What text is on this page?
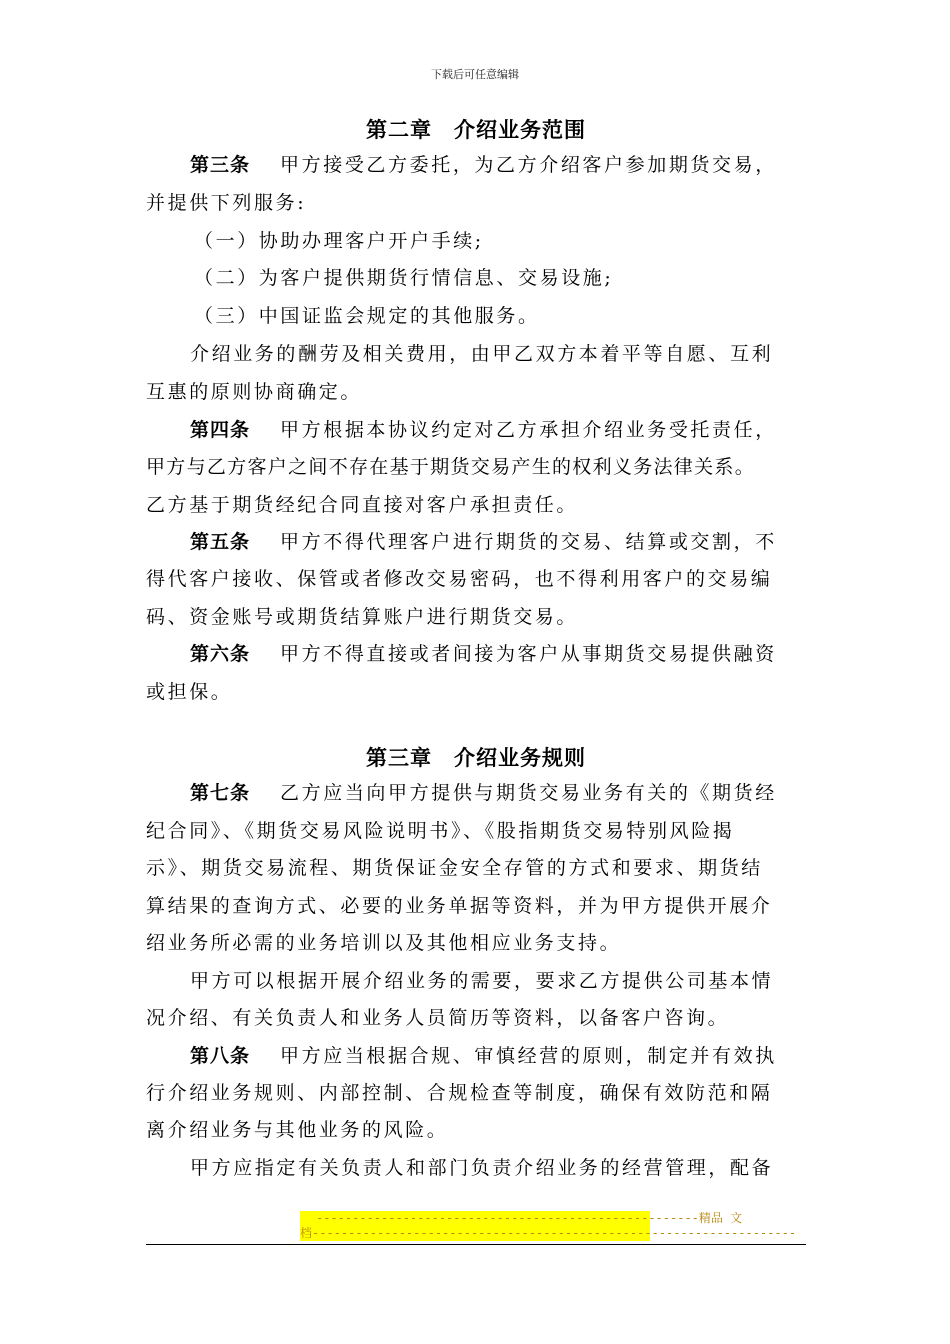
下载后可任意编辑
第二章　介绍业务范围
第三条 甲方接受乙方委托，为乙方介绍客户参加期货交易，
并提供下列服务:
（一）协助办理客户开户手续;
（二）为客户提供期货行情信息、交易设施;
（三）中国证监会规定的其他服务。
介绍业务的酬劳及相关费用，由甲乙双方本着平等自愿、互利
互惠的原则协商确定。
第四条 甲方根据本协议约定对乙方承担介绍业务受托责任，
甲方与乙方客户之间不存在基于期货交易产生的权利义务法律关系。
乙方基于期货经纪合同直接对客户承担责任。
第五条 甲方不得代理客户进行期货的交易、结算或交割，不
得代客户接收、保管或者修改交易密码，也不得利用客户的交易编
码、资金账号或期货结算账户进行期货交易。
第六条 甲方不得直接或者间接为客户从事期货交易提供融资
或担保。
第三章　介绍业务规则
第七条 乙方应当向甲方提供与期货交易业务有关的《期货经
纪合同》、《期货交易风险说明书》、《股指期货交易特别风险揭
示》、期货交易流程、期货保证金安全存管的方式和要求、期货结
算结果的查询方式、必要的业务单据等资料，并为甲方提供开展介
绍业务所必需的业务培训以及其他相应业务支持。
甲方可以根据开展介绍业务的需要，要求乙方提供公司基本情
况介绍、有关负责人和业务人员简历等资料，以备客户咨询。
第八条 甲方应当根据合规、审慎经营的原则，制定并有效执
行介绍业务规则、内部控制、合规检查等制度，确保有效防范和隔
离介绍业务与其他业务的风险。
甲方应指定有关负责人和部门负责介绍业务的经营管理，配备
-----------------------------------------------------精品 文
档-------------------------------------------------------------------
